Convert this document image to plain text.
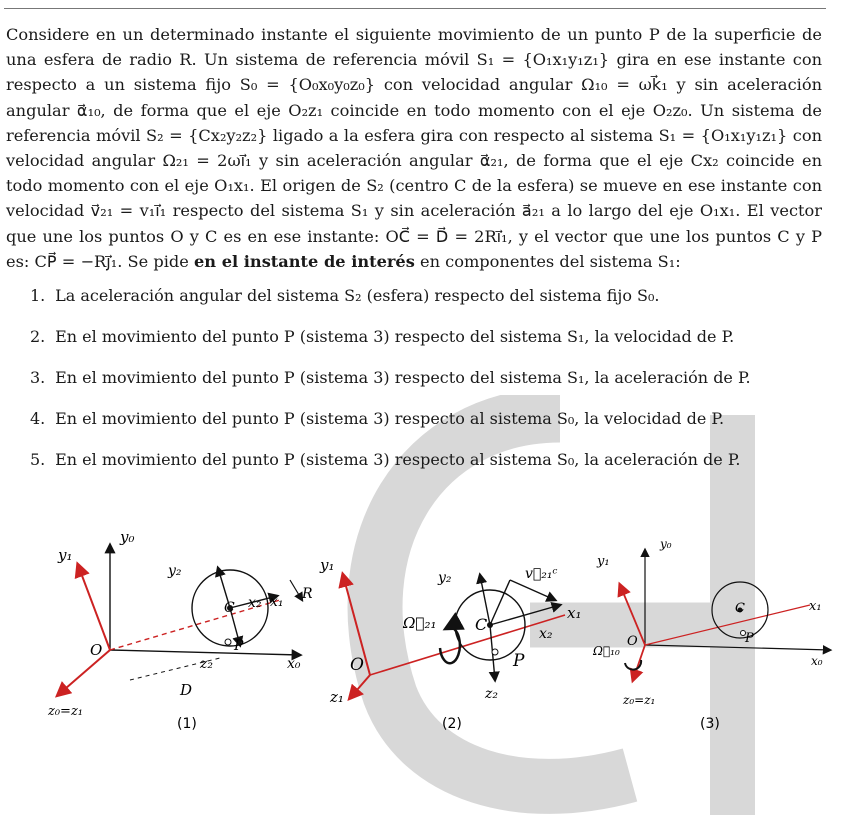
Considere en un determinado instante el siguiente movimiento de un punto P de la superficie de una esfera de radio R. Un sistema de referencia móvil S₁ = {O₁x₁y₁z₁} gira en ese instante con respecto a un sistema fijo S₀ = {O₀x₀y₀z₀} con velocidad angular Ω₁₀ = ωk⃗₁ y sin aceleración angular α⃗₁₀, de forma que el eje O₂z₁ coincide en todo momento con el eje O₂z₀. Un sistema de referencia móvil S₂ = {Cx₂y₂z₂} ligado a la esfera gira con respecto al sistema S₁ = {O₁x₁y₁z₁} con velocidad angular Ω₂₁ = 2ωi⃗₁ y sin aceleración angular α⃗₂₁, de forma que el eje Cx₂ coincide en todo momento con el eje O₁x₁. El origen de S₂ (centro C de la esfera) se mueve en ese instante con velocidad v⃗₂₁ = v₁i⃗₁ respecto del sistema S₁ y sin aceleración a⃗₂₁ a lo largo del eje O₁x₁. El vector que une los puntos O y C es en ese instante: OC⃗ = D⃗ = 2Ri⃗₁, y el vector que une los puntos C y P es: CP⃗ = −Rj⃗₁. Se pide en el instante de interés en componentes del sistema S₁:

1. La aceleración angular del sistema S₂ (esfera) respecto del sistema fijo S₀.
2. En el movimiento del punto P (sistema 3) respecto del sistema S₁, la velocidad de P.
3. En el movimiento del punto P (sistema 3) respecto del sistema S₁, la aceleración de P.
4. En el movimiento del punto P (sistema 3) respecto al sistema S₀, la velocidad de P.
5. En el movimiento del punto P (sistema 3) respecto al sistema S₀, la aceleración de P.
y₀
y₁
y₂
x₂ x₁ R
x₀
C
P
O
z₂
z₀=z₁
D
(1)
y₁
y₂	v⃗₂₁ᶜ
x₁
x₂
Ω⃗₂₁ C
P
O
z₁	z₂
(2)
y₀
y₁
C	x₁
O
Ω⃗₁₀
P
x₀
z₀=z₁
(3)
